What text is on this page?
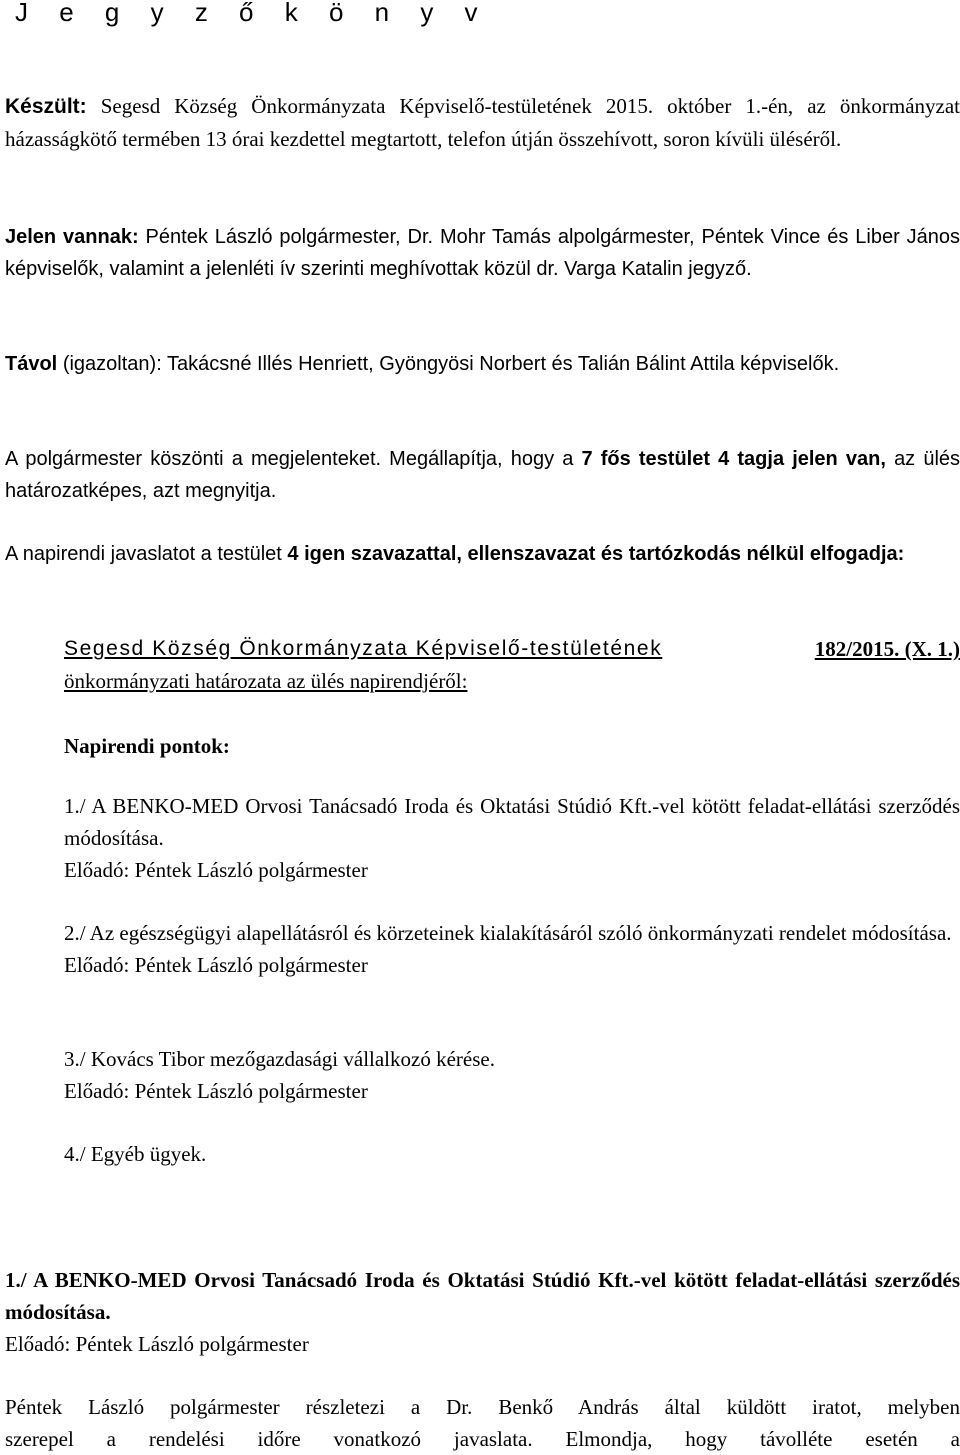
J e g y z ő k ö n y v

Készült: Segesd Község Önkormányzata Képviselő-testületének 2015. október 1.-én, az önkormányzat házasságkötő termében 13 órai kezdettel megtartott, telefon útján összehívott, soron kívüli üléséről.

Jelen vannak: Péntek László polgármester, Dr. Mohr Tamás alpolgármester, Péntek Vince és Liber János képviselők, valamint a jelenléti ív szerinti meghívottak közül dr. Varga Katalin jegyző.

Távol (igazoltan): Takácsné Illés Henriett, Gyöngyösi Norbert és Talián Bálint Attila képviselők.

A polgármester köszönti a megjelenteket. Megállapítja, hogy a 7 fős testület 4 tagja jelen van, az ülés határozatképes, azt megnyitja.

A napirendi javaslatot a testület 4 igen szavazattal, ellenszavazat és tartózkodás nélkül elfogadja:

Segesd Község Önkormányzata Képviselő-testületének	182/2015. (X. 1.)

önkormányzati határozata az ülés napirendjéről:

Napirendi pontok:

1./ A BENKO-MED Orvosi Tanácsadó Iroda és Oktatási Stúdió Kft.-vel kötött feladat-ellátási szerződés módosítása.

Előadó: Péntek László polgármester

2./ Az egészségügyi alapellátásról és körzeteinek kialakításáról szóló önkormányzati rendelet módosítása.

Előadó: Péntek László polgármester

3./ Kovács Tibor mezőgazdasági vállalkozó kérése.

Előadó: Péntek László polgármester

4./ Egyéb ügyek.

1./ A BENKO-MED Orvosi Tanácsadó Iroda és Oktatási Stúdió Kft.-vel kötött feladat-ellátási szerződés módosítása.

Előadó: Péntek László polgármester

Péntek László polgármester részletezi a Dr. Benkő András által küldött iratot, melyben

szerepel a rendelési időre vonatkozó javaslata. Elmondja, hogy távolléte esetén a
